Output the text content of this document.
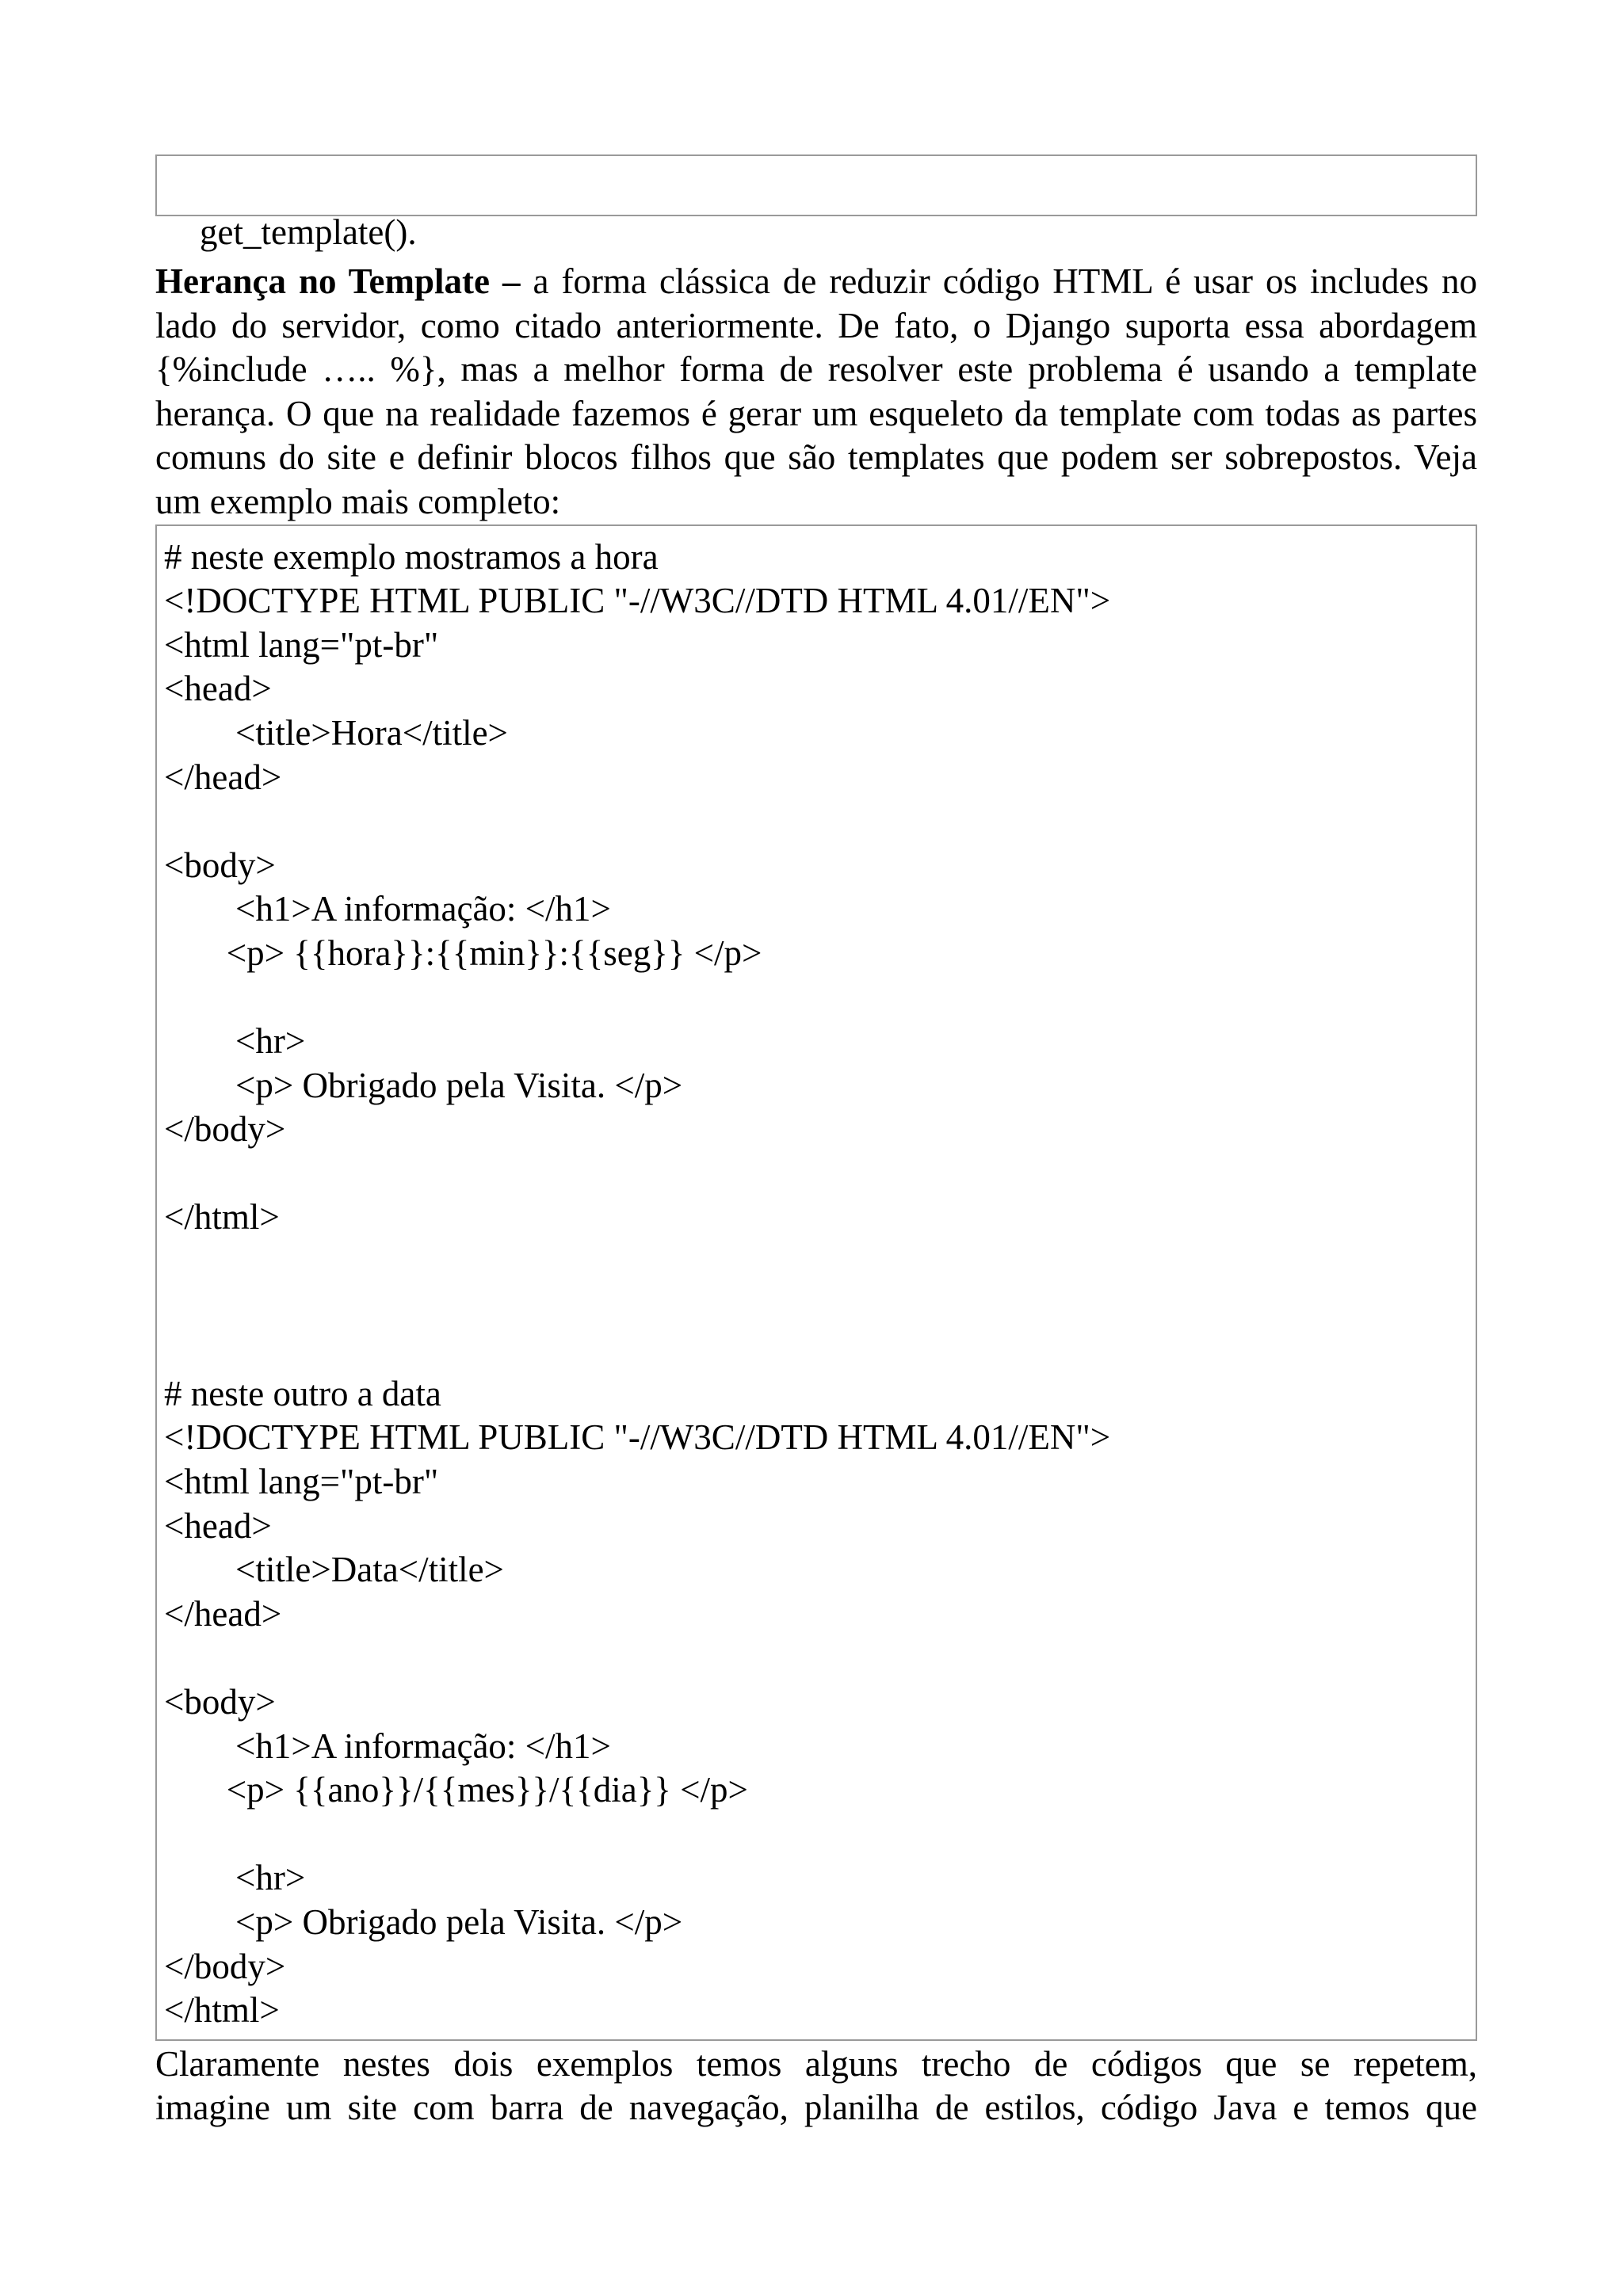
get_template().

Herança no Template – a forma clássica de reduzir código HTML é usar os includes no lado do servidor, como citado anteriormente. De fato, o Django suporta essa abordagem {%include ….. %}, mas a melhor forma de resolver este problema é usando a template herança. O que na realidade fazemos é gerar um esqueleto da template com todas as partes comuns do site e definir blocos filhos que são templates que podem ser sobrepostos. Veja um exemplo mais completo:
# neste exemplo mostramos a hora
<!DOCTYPE HTML PUBLIC "-//W3C//DTD HTML 4.01//EN">
<html lang="pt-br"
<head>
<title>Hora</title>
</head>
<body>
<h1>A informação: </h1>
<p> {{hora}}:{{min}}:{{seg}} </p>
<hr>
<p> Obrigado pela Visita. </p>
</body>
</html>
# neste outro a data
<!DOCTYPE HTML PUBLIC "-//W3C//DTD HTML 4.01//EN">
<html lang="pt-br"
<head>
<title>Data</title>
</head>
<body>
<h1>A informação: </h1>
<p> {{ano}}/{{mes}}/{{dia}} </p>
<hr>
<p> Obrigado pela Visita. </p>
</body>
</html>
Claramente nestes dois exemplos temos alguns trecho de códigos que se repetem,
imagine um site com barra de navegação, planilha de estilos, código Java e temos que
